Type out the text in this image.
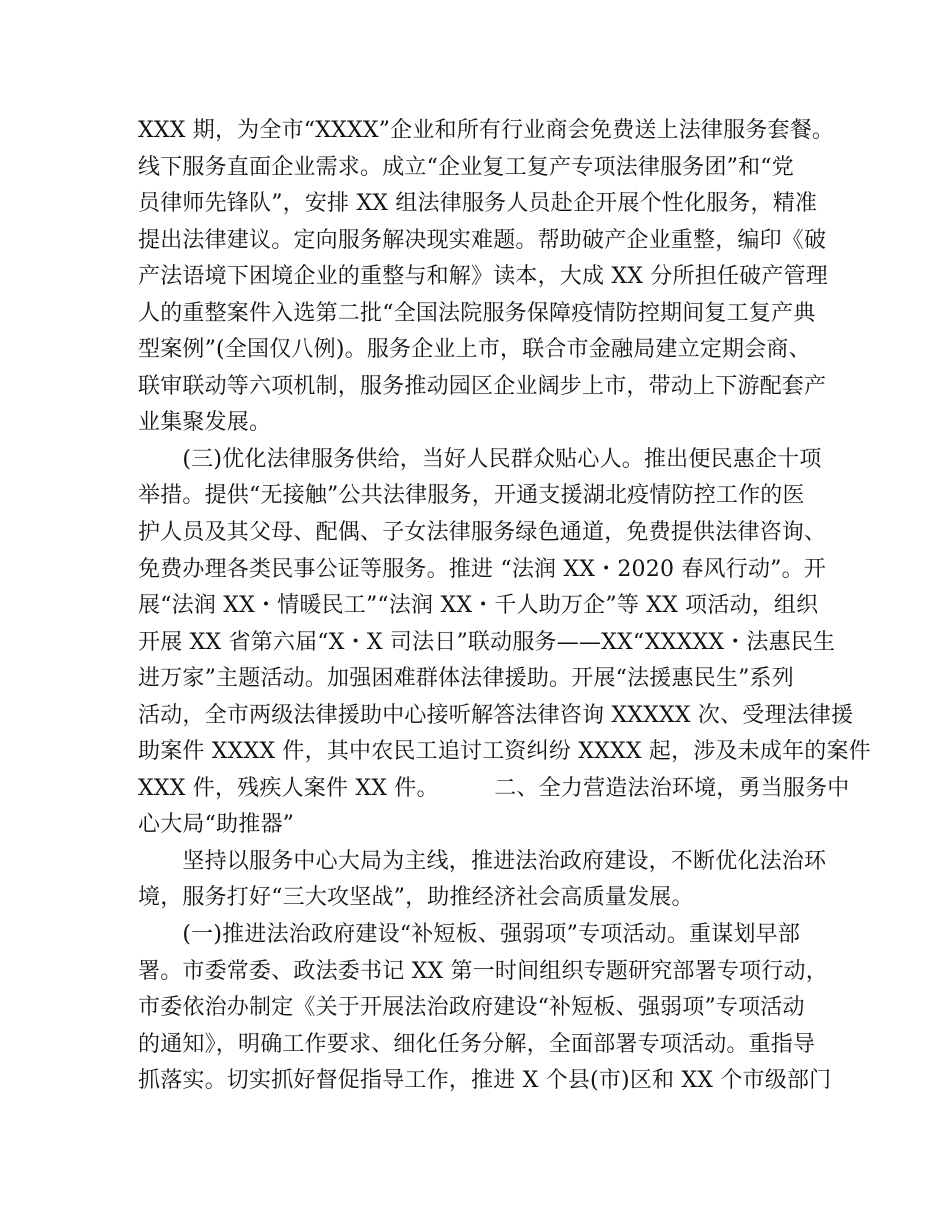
XXX 期，为全市“XXXX”企业和所有行业商会免费送上法律服务套餐。
线下服务直面企业需求。成立“企业复工复产专项法律服务团”和“党
员律师先锋队”，安排 XX 组法律服务人员赴企开展个性化服务，精准
提出法律建议。定向服务解决现实难题。帮助破产企业重整，编印《破
产法语境下困境企业的重整与和解》读本，大成 XX 分所担任破产管理
人的重整案件入选第二批“全国法院服务保障疫情防控期间复工复产典
型案例”(全国仅八例)。服务企业上市，联合市金融局建立定期会商、
联审联动等六项机制，服务推动园区企业阔步上市，带动上下游配套产
业集聚发展。
　　(三)优化法律服务供给，当好人民群众贴心人。推出便民惠企十项
举措。提供“无接触”公共法律服务，开通支援湖北疫情防控工作的医
护人员及其父母、配偶、子女法律服务绿色通道，免费提供法律咨询、
免费办理各类民事公证等服务。推进 “法润 XX・2020 春风行动”。开
展“法润 XX・情暖民工”“法润 XX・千人助万企”等 XX 项活动，组织
开展 XX 省第六届“X・X 司法日”联动服务——XX“XXXXX・法惠民生
进万家”主题活动。加强困难群体法律援助。开展“法援惠民生”系列
活动，全市两级法律援助中心接听解答法律咨询 XXXXX 次、受理法律援
助案件 XXXX 件，其中农民工追讨工资纠纷 XXXX 起，涉及未成年的案件
XXX 件，残疾人案件 XX 件。　　　二、全力营造法治环境，勇当服务中
心大局“助推器”
　　坚持以服务中心大局为主线，推进法治政府建设，不断优化法治环
境，服务打好“三大攻坚战”，助推经济社会高质量发展。
　　(一)推进法治政府建设“补短板、强弱项”专项活动。重谋划早部
署。市委常委、政法委书记 XX 第一时间组织专题研究部署专项行动，
市委依治办制定《关于开展法治政府建设“补短板、强弱项”专项活动
的通知》，明确工作要求、细化任务分解，全面部署专项活动。重指导
抓落实。切实抓好督促指导工作，推进 X 个县(市)区和 XX 个市级部门
